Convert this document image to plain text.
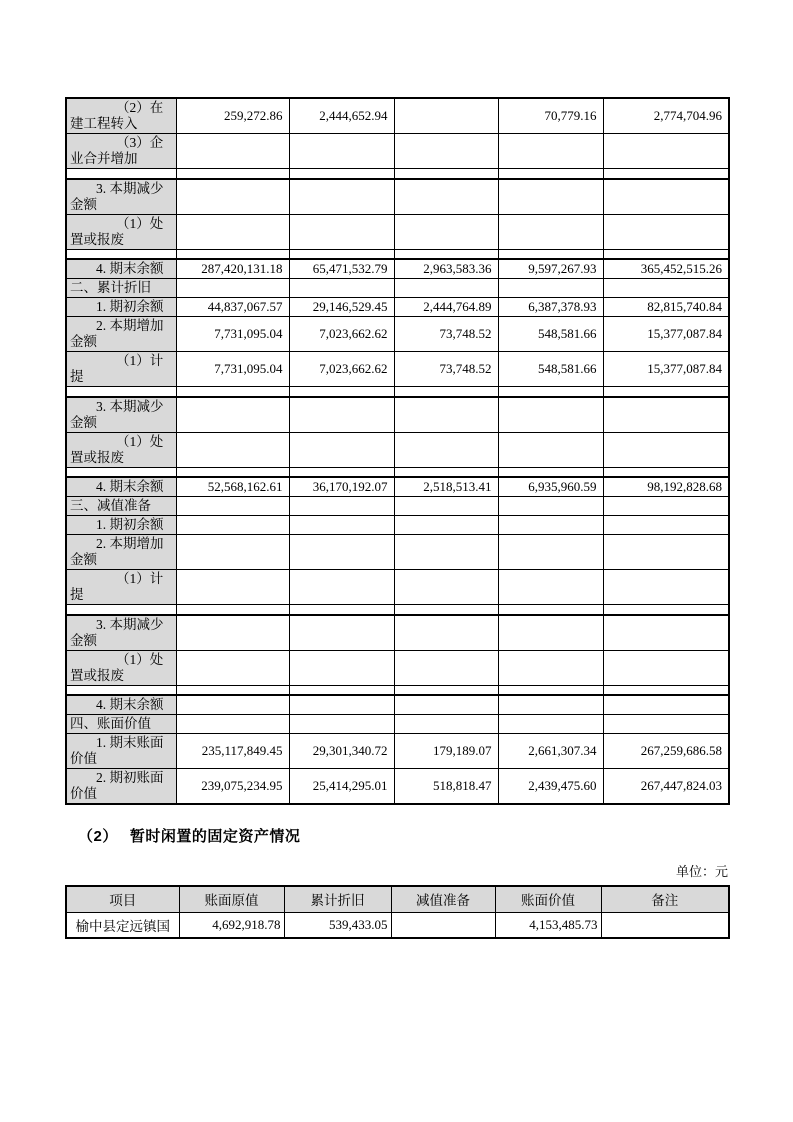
（2）在建工程转入	259,272.86	2,444,652.94		70,779.16	2,774,704.96
（3）企业合并增加					

3. 本期减少金额					
（1）处置或报废					

4. 期末余额	287,420,131.18	65,471,532.79	2,963,583.36	9,597,267.93	365,452,515.26
二、累计折旧					
1. 期初余额	44,837,067.57	29,146,529.45	2,444,764.89	6,387,378.93	82,815,740.84
2. 本期增加金额	7,731,095.04	7,023,662.62	73,748.52	548,581.66	15,377,087.84
（1）计提	7,731,095.04	7,023,662.62	73,748.52	548,581.66	15,377,087.84

3. 本期减少金额					
（1）处置或报废					

4. 期末余额	52,568,162.61	36,170,192.07	2,518,513.41	6,935,960.59	98,192,828.68
三、减值准备					
1. 期初余额					
2. 本期增加金额					
（1）计提					

3. 本期减少金额					
（1）处置或报废					

4. 期末余额					
四、账面价值					
1. 期末账面价值	235,117,849.45	29,301,340.72	179,189.07	2,661,307.34	267,259,686.58
2. 期初账面价值	239,075,234.95	25,414,295.01	518,818.47	2,439,475.60	267,447,824.03
（2） 暂时闲置的固定资产情况
单位：元
项目	账面原值	累计折旧	减值准备	账面价值	备注
榆中县定远镇国	4,692,918.78	539,433.05		4,153,485.73	
